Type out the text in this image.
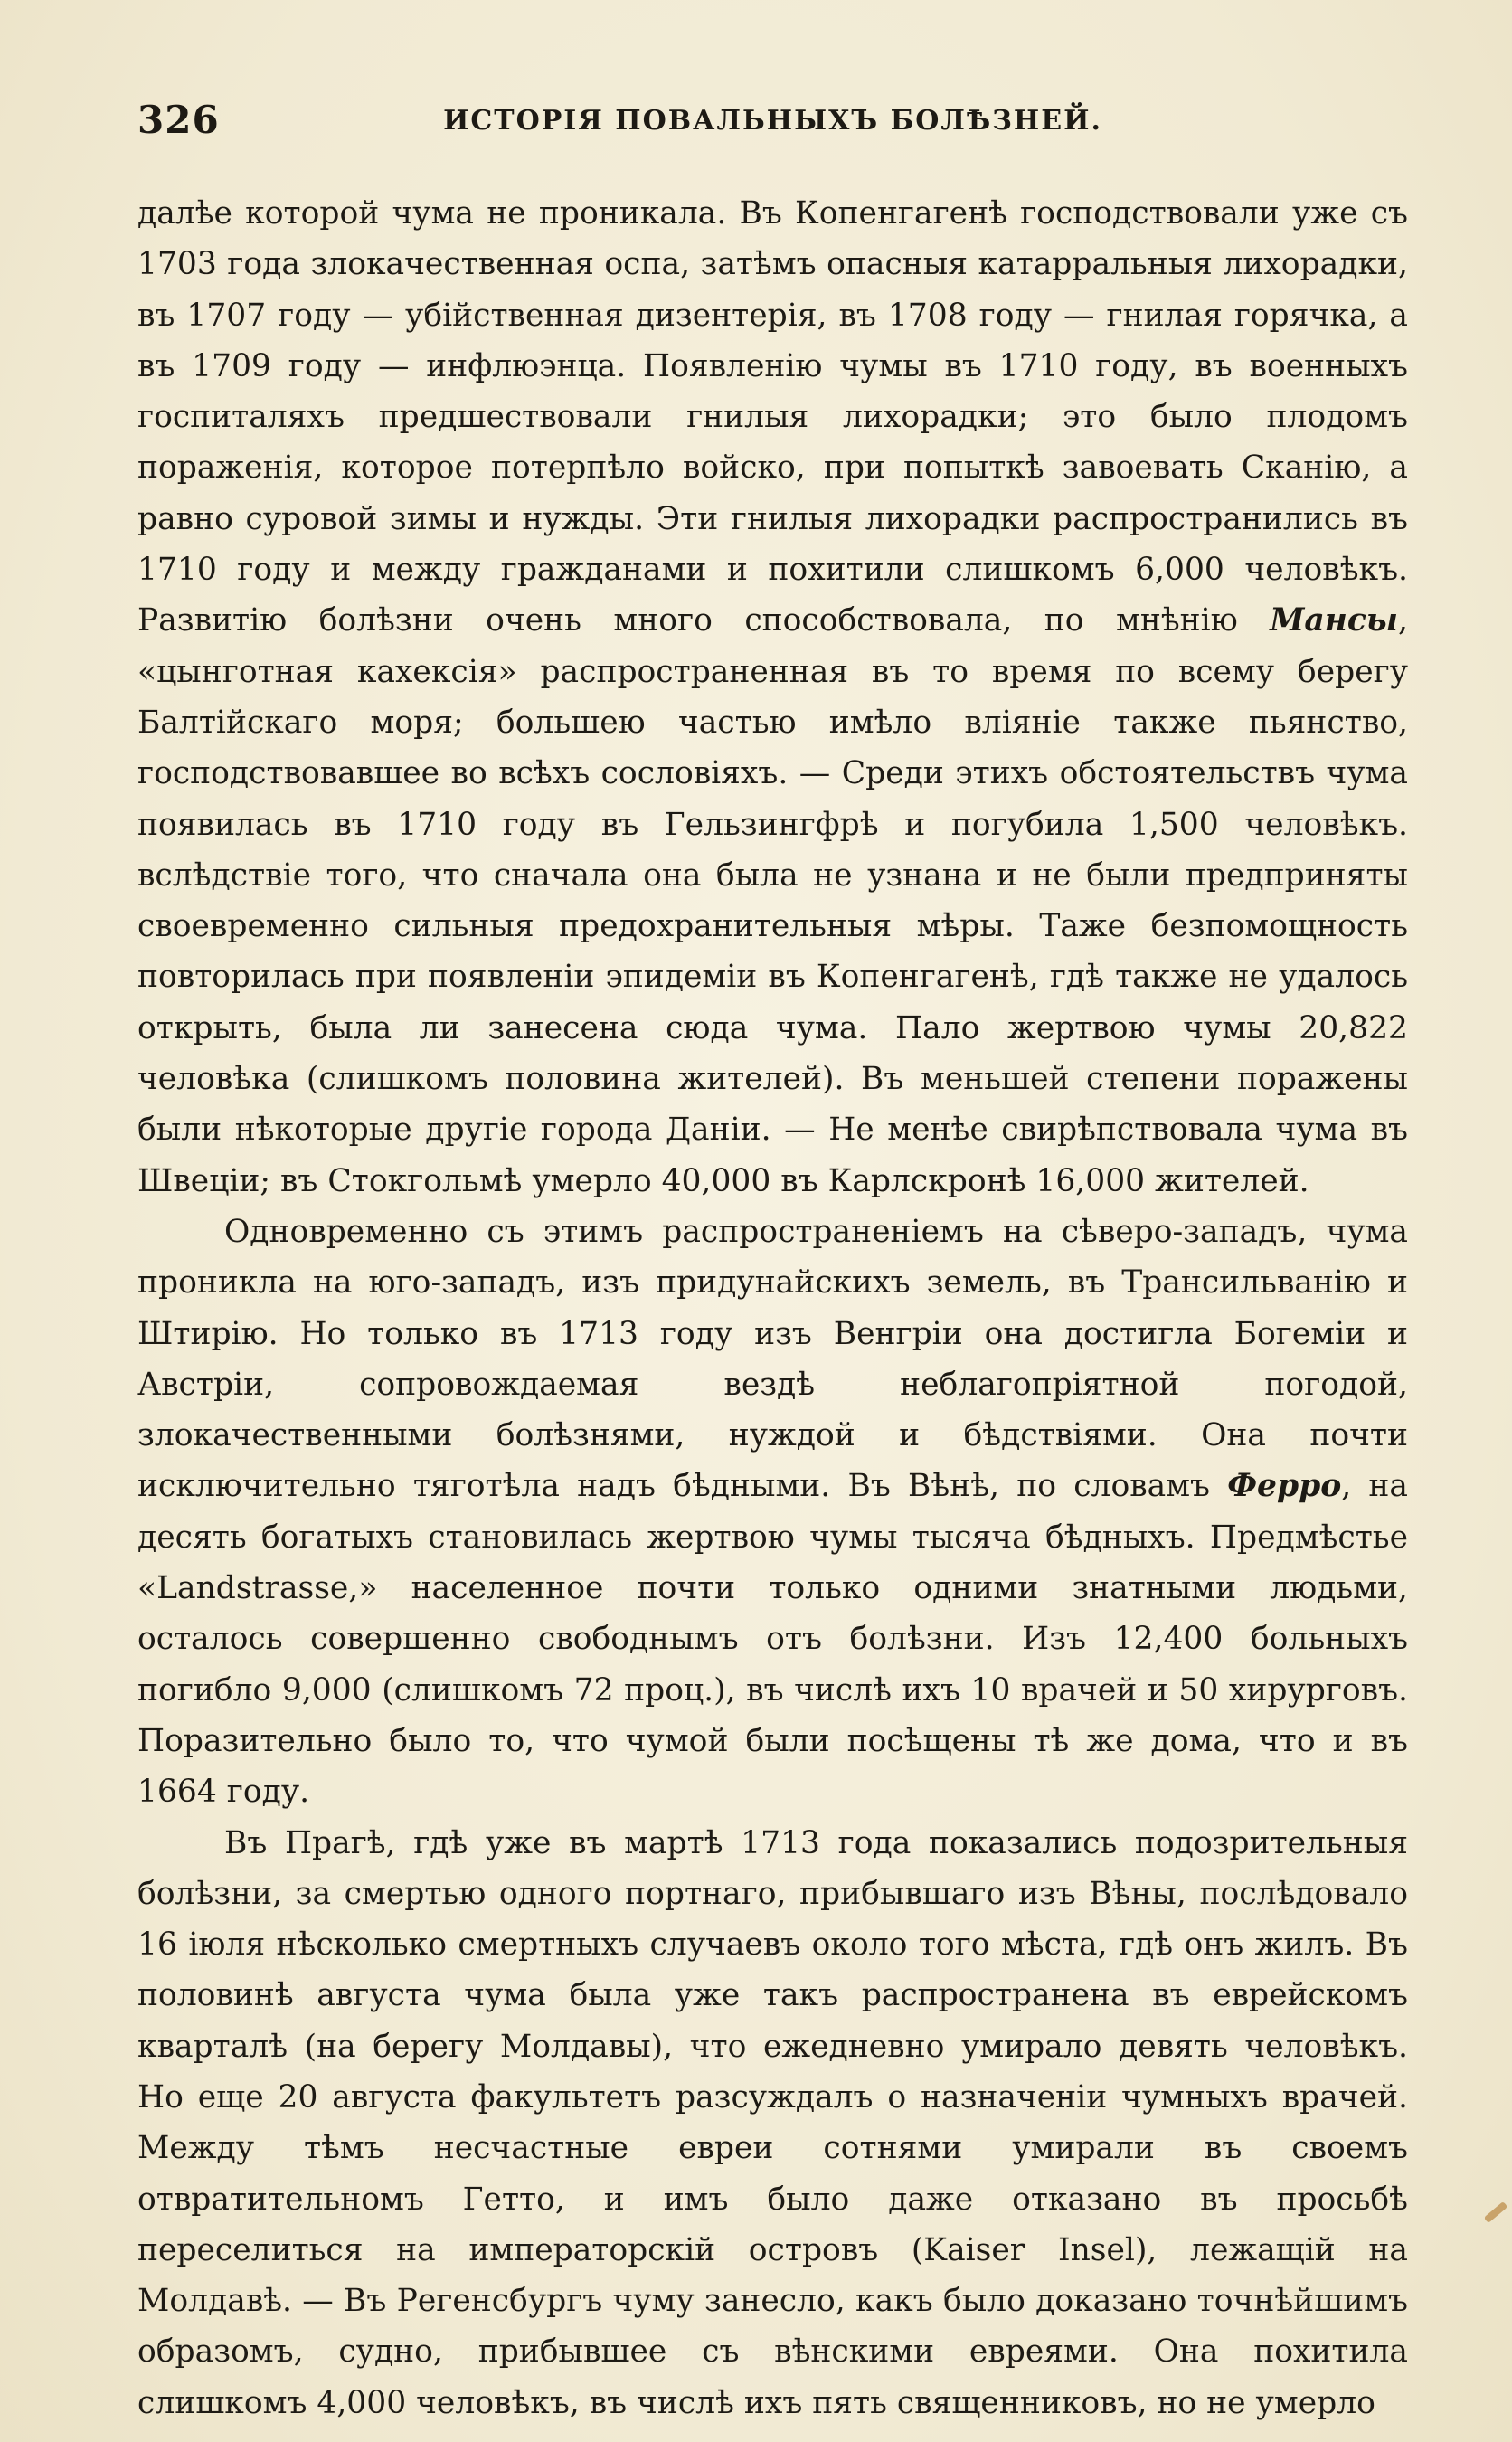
326	ИСТОРІЯ ПОВАЛЬНЫХЪ БОЛѢЗНЕЙ.

далѣе которой чума не проникала. Въ Копенгагенѣ господствовали уже съ 1703 года злокачественная оспа, затѣмъ опасныя катарральныя лихорадки, въ 1707 году — убійственная дизентерія, въ 1708 году — гнилая горячка, а въ 1709 году — инфлюэнца. Появленію чумы въ 1710 году, въ военныхъ госпиталяхъ предшествовали гнилыя лихорадки; это было плодомъ пораженія, которое потерпѣло войско, при попыткѣ завоевать Сканію, а равно суровой зимы и нужды. Эти гнилыя лихорадки распространились въ 1710 году и между гражданами и похитили слишкомъ 6,000 человѣкъ. Развитію болѣзни очень много способствовала, по мнѣнію Мансы, «цынготная кахексія» распространенная въ то время по всему берегу Балтійскаго моря; большею частью имѣло вліяніе также пьянство, господствовавшее во всѣхъ сословіяхъ. — Среди этихъ обстоятельствъ чума появилась въ 1710 году въ Гельзингфрѣ и погубила 1,500 человѣкъ. вслѣдствіе того, что сначала она была не узнана и не были предприняты своевременно сильныя предохранительныя мѣры. Таже безпомощность повторилась при появленіи эпидеміи въ Копенгагенѣ, гдѣ также не удалось открыть, была ли занесена сюда чума. Пало жертвою чумы 20,822 человѣка (слишкомъ половина жителей). Въ меньшей степени поражены были нѣкоторые другіе города Даніи. — Не менѣе свирѣпствовала чума въ Швеціи; въ Стокгольмѣ умерло 40,000 въ Карлскронѣ 16,000 жителей.

Одновременно съ этимъ распространеніемъ на сѣверо-западъ, чума проникла на юго-западъ, изъ придунайскихъ земель, въ Трансильванію и Штирію. Но только въ 1713 году изъ Венгріи она достигла Богеміи и Австріи, сопровождаемая вездѣ неблагопріятной погодой, злокачественными болѣзнями, нуждой и бѣдствіями. Она почти исключительно тяготѣла надъ бѣдными. Въ Вѣнѣ, по словамъ Ферро, на десять богатыхъ становилась жертвою чумы тысяча бѣдныхъ. Предмѣстье «Landstrasse,» населенное почти только одними знатными людьми, осталось совершенно свободнымъ отъ болѣзни. Изъ 12,400 больныхъ погибло 9,000 (слишкомъ 72 проц.), въ числѣ ихъ 10 врачей и 50 хирурговъ. Поразительно было то, что чумой были посѣщены тѣ же дома, что и въ 1664 году.

Въ Прагѣ, гдѣ уже въ мартѣ 1713 года показались подозрительныя болѣзни, за смертью одного портнаго, прибывшаго изъ Вѣны, послѣдовало 16 іюля нѣсколько смертныхъ случаевъ около того мѣста, гдѣ онъ жилъ. Въ половинѣ августа чума была уже такъ распространена въ еврейскомъ кварталѣ (на берегу Молдавы), что ежедневно умирало девять человѣкъ. Но еще 20 августа факультетъ разсуждалъ о назначеніи чумныхъ врачей. Между тѣмъ несчастные евреи сотнями умирали въ своемъ отвратительномъ Гетто, и имъ было даже отказано въ просьбѣ переселиться на императорскій островъ (Kaiser Insel), лежащій на Молдавѣ. — Въ Регенсбургъ чуму занесло, какъ было доказано точнѣйшимъ образомъ, судно, прибывшее съ вѣнскими евреями. Она похитила слишкомъ 4,000 человѣкъ, въ числѣ ихъ пять священниковъ, но не умерло
